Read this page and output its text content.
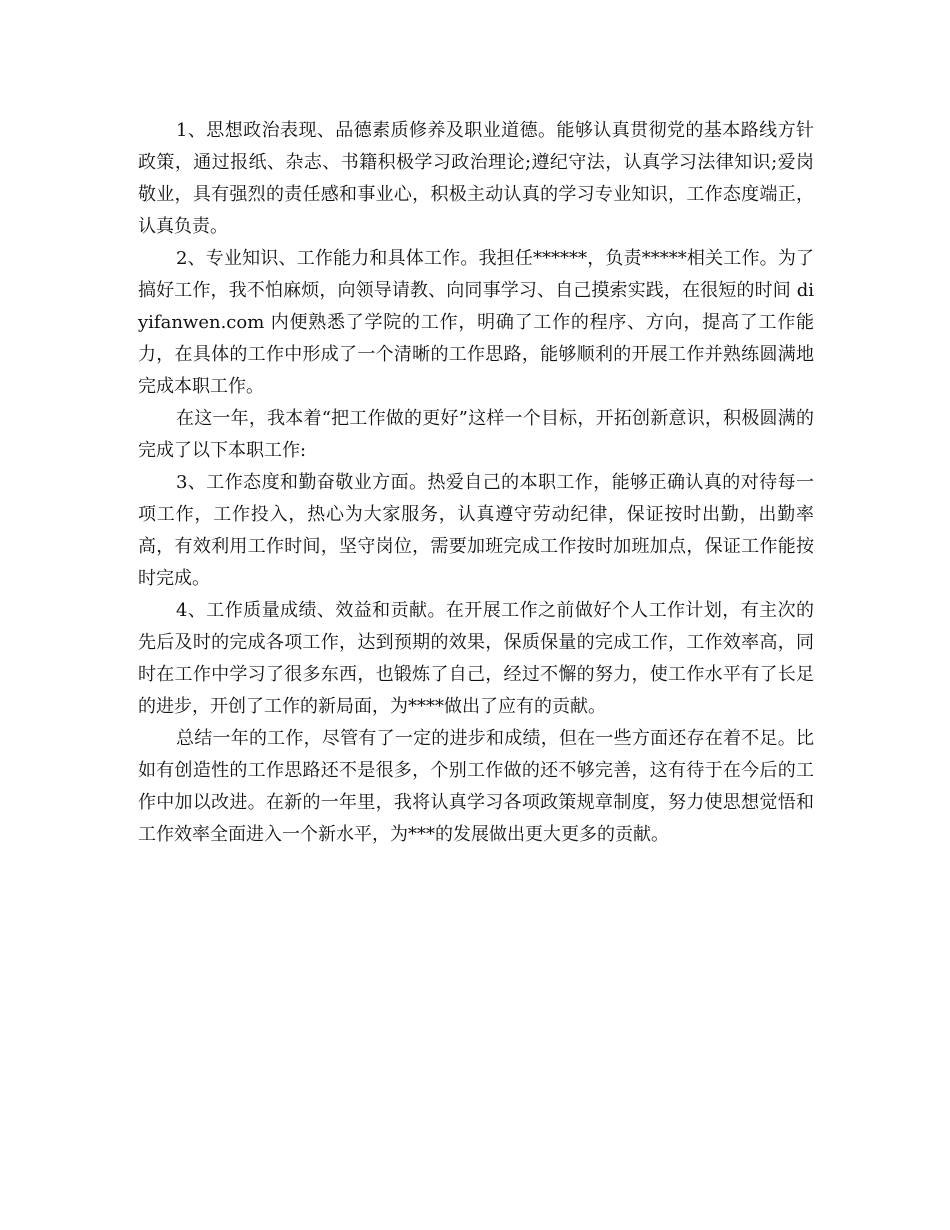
1、思想政治表现、品德素质修养及职业道德。能够认真贯彻党的基本路线方针政策，通过报纸、杂志、书籍积极学习政治理论;遵纪守法，认真学习法律知识;爱岗敬业，具有强烈的责任感和事业心，积极主动认真的学习专业知识，工作态度端正，认真负责。

2、专业知识、工作能力和具体工作。我担任******，负责*****相关工作。为了搞好工作，我不怕麻烦，向领导请教、向同事学习、自己摸索实践，在很短的时间 diyifanwen.com 内便熟悉了学院的工作，明确了工作的程序、方向，提高了工作能力，在具体的工作中形成了一个清晰的工作思路，能够顺利的开展工作并熟练圆满地完成本职工作。

在这一年，我本着“把工作做的更好”这样一个目标，开拓创新意识，积极圆满的完成了以下本职工作:

3、工作态度和勤奋敬业方面。热爱自己的本职工作，能够正确认真的对待每一项工作，工作投入，热心为大家服务，认真遵守劳动纪律，保证按时出勤，出勤率高，有效利用工作时间，坚守岗位，需要加班完成工作按时加班加点，保证工作能按时完成。

4、工作质量成绩、效益和贡献。在开展工作之前做好个人工作计划，有主次的先后及时的完成各项工作，达到预期的效果，保质保量的完成工作，工作效率高，同时在工作中学习了很多东西，也锻炼了自己，经过不懈的努力，使工作水平有了长足的进步，开创了工作的新局面，为****做出了应有的贡献。

总结一年的工作，尽管有了一定的进步和成绩，但在一些方面还存在着不足。比如有创造性的工作思路还不是很多，个别工作做的还不够完善，这有待于在今后的工作中加以改进。在新的一年里，我将认真学习各项政策规章制度，努力使思想觉悟和工作效率全面进入一个新水平，为***的发展做出更大更多的贡献。
